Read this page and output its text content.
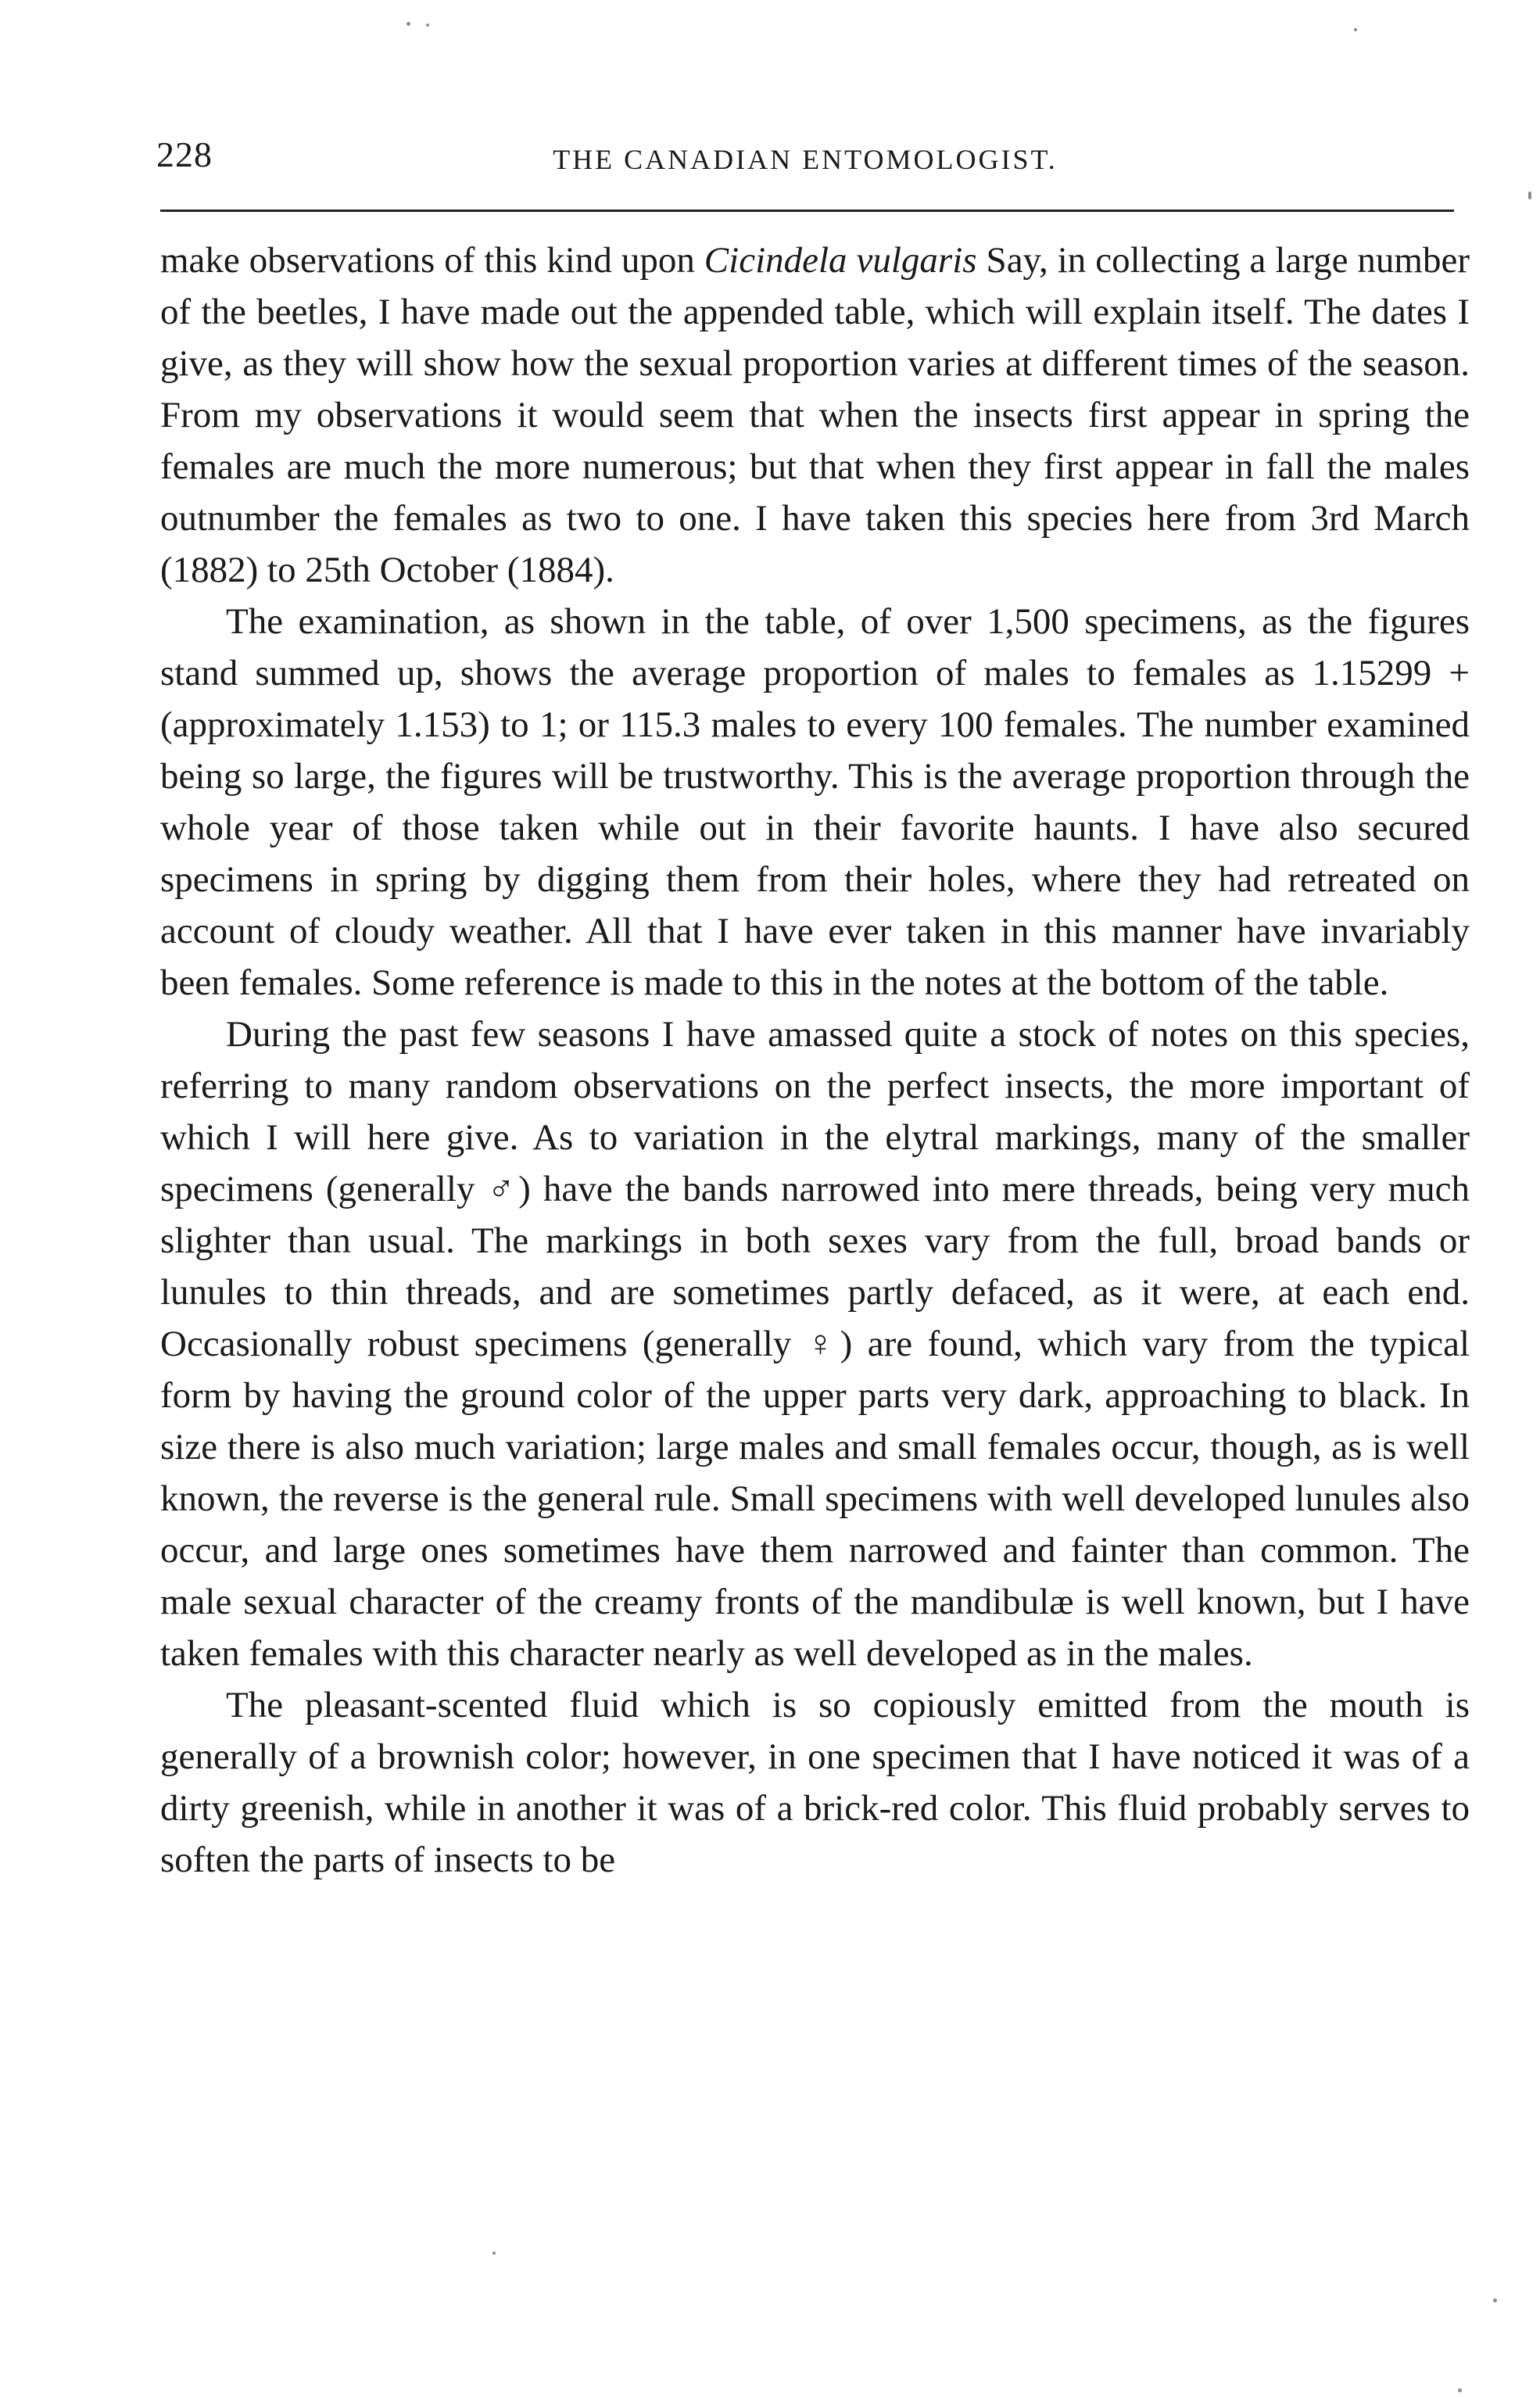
228	THE CANADIAN ENTOMOLOGIST.

make observations of this kind upon Cicindela vulgaris Say, in collecting a large number of the beetles, I have made out the appended table, which will explain itself. The dates I give, as they will show how the sexual proportion varies at different times of the season. From my observations it would seem that when the insects first appear in spring the females are much the more numerous; but that when they first appear in fall the males outnumber the females as two to one. I have taken this species here from 3rd March (1882) to 25th October (1884).

The examination, as shown in the table, of over 1,500 specimens, as the figures stand summed up, shows the average proportion of males to females as 1.15299 + (approximately 1.153) to 1; or 115.3 males to every 100 females. The number examined being so large, the figures will be trustworthy. This is the average proportion through the whole year of those taken while out in their favorite haunts. I have also secured specimens in spring by digging them from their holes, where they had retreated on account of cloudy weather. All that I have ever taken in this manner have invariably been females. Some reference is made to this in the notes at the bottom of the table.

During the past few seasons I have amassed quite a stock of notes on this species, referring to many random observations on the perfect insects, the more important of which I will here give. As to variation in the elytral markings, many of the smaller specimens (generally ♂) have the bands narrowed into mere threads, being very much slighter than usual. The markings in both sexes vary from the full, broad bands or lunules to thin threads, and are sometimes partly defaced, as it were, at each end. Occasionally robust specimens (generally ♀) are found, which vary from the typical form by having the ground color of the upper parts very dark, approaching to black. In size there is also much variation; large males and small females occur, though, as is well known, the reverse is the general rule. Small specimens with well developed lunules also occur, and large ones sometimes have them narrowed and fainter than common. The male sexual character of the creamy fronts of the mandibulæ is well known, but I have taken females with this character nearly as well developed as in the males.

The pleasant-scented fluid which is so copiously emitted from the mouth is generally of a brownish color; however, in one specimen that I have noticed it was of a dirty greenish, while in another it was of a brick-red color. This fluid probably serves to soften the parts of insects to be
